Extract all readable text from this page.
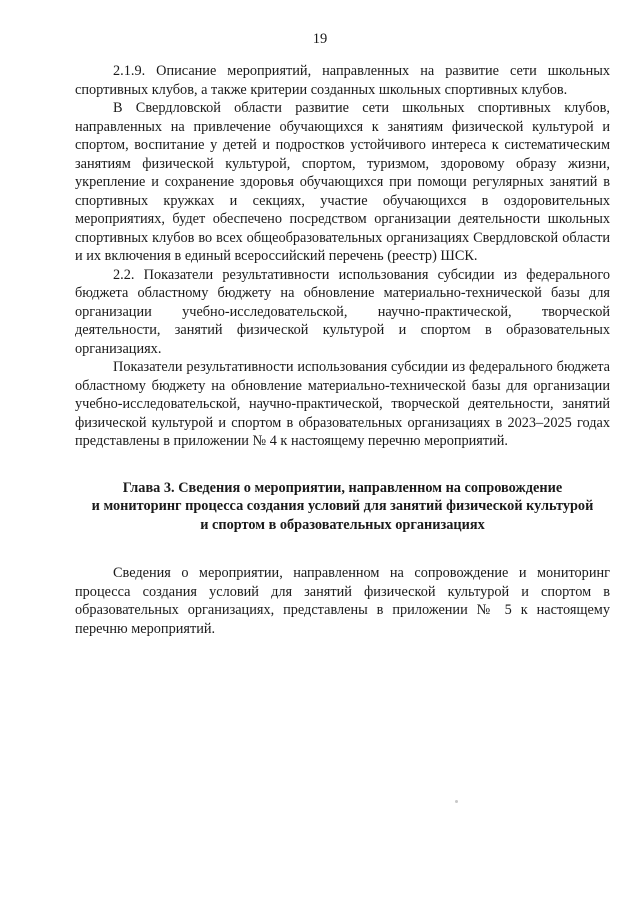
19

2.1.9. Описание мероприятий, направленных на развитие сети школьных спортивных клубов, а также критерии созданных школьных спортивных клубов.

В Свердловской области развитие сети школьных спортивных клубов, направленных на привлечение обучающихся к занятиям физической культурой и спортом, воспитание у детей и подростков устойчивого интереса к систематическим занятиям физической культурой, спортом, туризмом, здоровому образу жизни, укрепление и сохранение здоровья обучающихся при помощи регулярных занятий в спортивных кружках и секциях, участие обучающихся в оздоровительных мероприятиях, будет обеспечено посредством организации деятельности школьных спортивных клубов во всех общеобразовательных организациях Свердловской области и их включения в единый всероссийский перечень (реестр) ШСК.

2.2. Показатели результативности использования субсидии из федерального бюджета областному бюджету на обновление материально-технической базы для организации учебно-исследовательской, научно-практической, творческой деятельности, занятий физической культурой и спортом в образовательных организациях.

Показатели результативности использования субсидии из федерального бюджета областному бюджету на обновление материально-технической базы для организации учебно-исследовательской, научно-практической, творческой деятельности, занятий физической культурой и спортом в образовательных организациях в 2023–2025 годах представлены в приложении № 4 к настоящему перечню мероприятий.

Глава 3. Сведения о мероприятии, направленном на сопровождение
и мониторинг процесса создания условий для занятий физической культурой
и спортом в образовательных организациях

Сведения о мероприятии, направленном на сопровождение и мониторинг процесса создания условий для занятий физической культурой и спортом в образовательных организациях, представлены в приложении № 5 к настоящему перечню мероприятий.
